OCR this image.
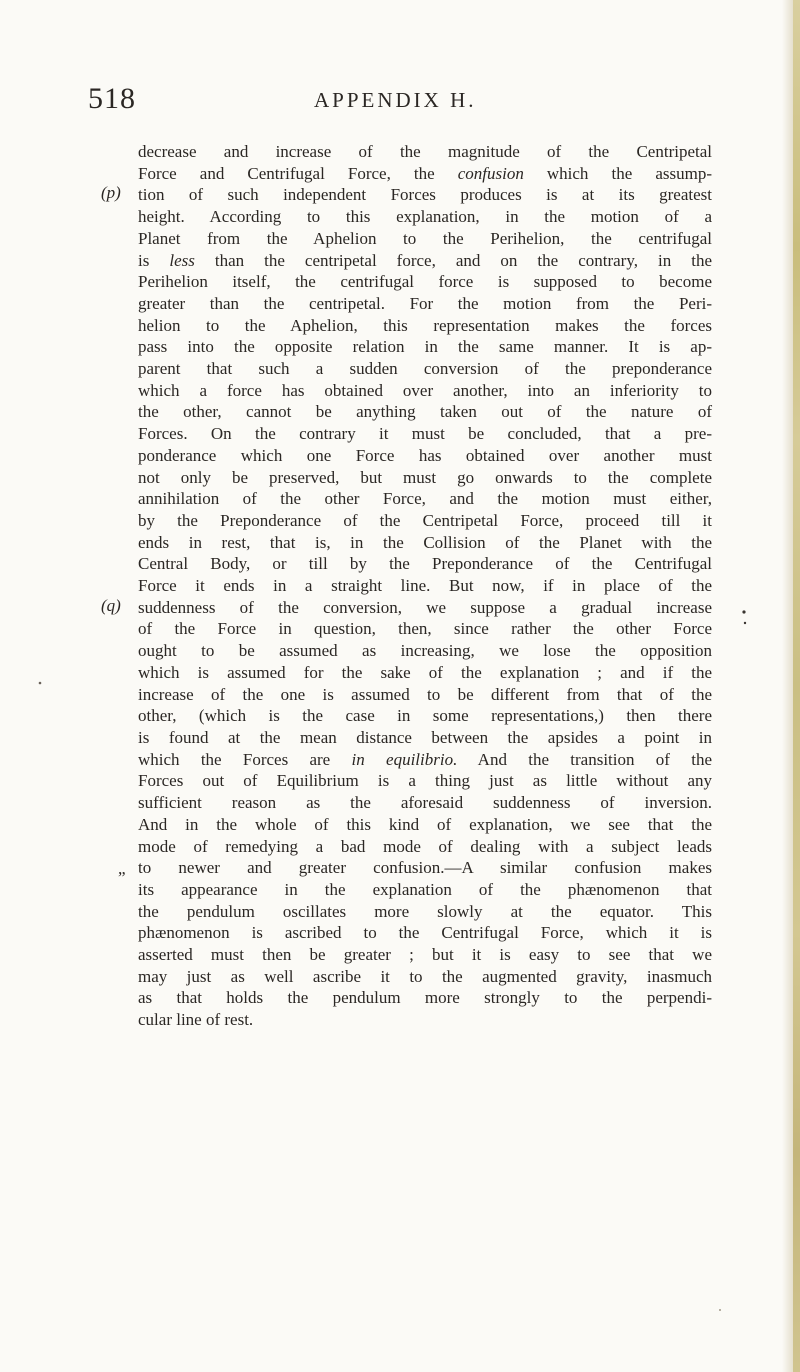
518	APPENDIX H.
(p)
(q)
„
decrease and increase of the magnitude of the Centripetal
Force and Centrifugal Force, the confusion which the assump-
tion of such independent Forces produces is at its greatest
height. According to this explanation, in the motion of a
Planet from the Aphelion to the Perihelion, the centrifugal
is less than the centripetal force, and on the contrary, in the
Perihelion itself, the centrifugal force is supposed to become
greater than the centripetal. For the motion from the Peri-
helion to the Aphelion, this representation makes the forces
pass into the opposite relation in the same manner. It is ap-
parent that such a sudden conversion of the preponderance
which a force has obtained over another, into an inferiority to
the other, cannot be anything taken out of the nature of
Forces. On the contrary it must be concluded, that a pre-
ponderance which one Force has obtained over another must
not only be preserved, but must go onwards to the complete
annihilation of the other Force, and the motion must either,
by the Preponderance of the Centripetal Force, proceed till it
ends in rest, that is, in the Collision of the Planet with the
Central Body, or till by the Preponderance of the Centrifugal
Force it ends in a straight line. But now, if in place of the
suddenness of the conversion, we suppose a gradual increase
of the Force in question, then, since rather the other Force
ought to be assumed as increasing, we lose the opposition
which is assumed for the sake of the explanation ; and if the
increase of the one is assumed to be different from that of the
other, (which is the case in some representations,) then there
is found at the mean distance between the apsides a point in
which the Forces are in equilibrio. And the transition of the
Forces out of Equilibrium is a thing just as little without any
sufficient reason as the aforesaid suddenness of inversion.
And in the whole of this kind of explanation, we see that the
mode of remedying a bad mode of dealing with a subject leads
to newer and greater confusion.—A similar confusion makes
its appearance in the explanation of the phænomenon that
the pendulum oscillates more slowly at the equator. This
phænomenon is ascribed to the Centrifugal Force, which it is
asserted must then be greater ; but it is easy to see that we
may just as well ascribe it to the augmented gravity, inasmuch
as that holds the pendulum more strongly to the perpendi-
cular line of rest.
